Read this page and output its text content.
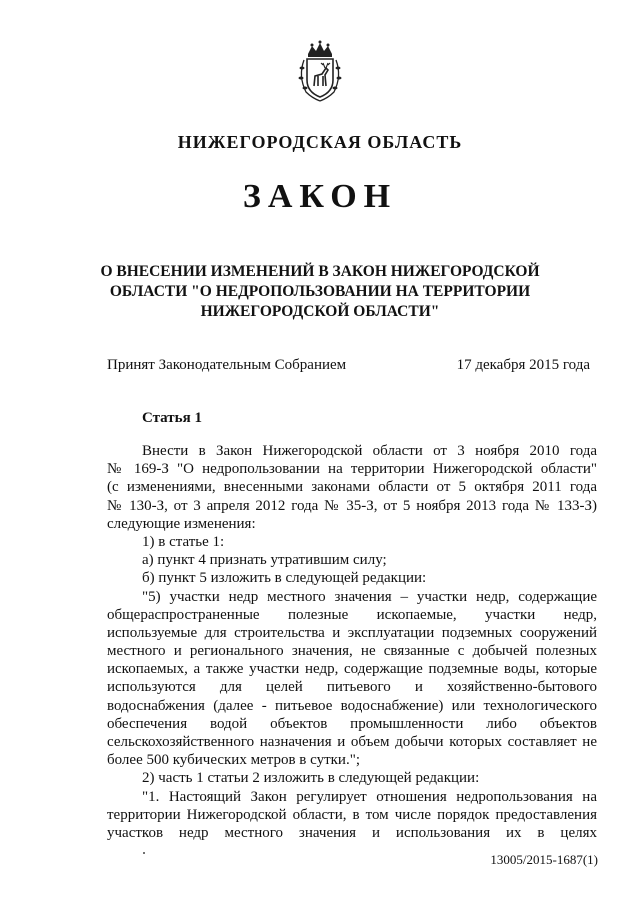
НИЖЕГОРОДСКАЯ ОБЛАСТЬ
ЗАКОН
О ВНЕСЕНИИ ИЗМЕНЕНИЙ В ЗАКОН НИЖЕГОРОДСКОЙ
ОБЛАСТИ "О НЕДРОПОЛЬЗОВАНИИ НА ТЕРРИТОРИИ
НИЖЕГОРОДСКОЙ ОБЛАСТИ"
Принят Законодательным Собранием	17 декабря 2015 года
Статья 1
Внести в Закон Нижегородской области от 3 ноября 2010 года
№ 169-З "О недропользовании на территории Нижегородской области"
(с изменениями, внесенными законами области от 5 октября 2011 года
№ 130-З, от 3 апреля 2012 года № 35-З, от 5 ноября 2013 года № 133-З)
следующие изменения:
1) в статье 1:
а) пункт 4 признать утратившим силу;
б) пункт 5 изложить в следующей редакции:
"5) участки недр местного значения – участки недр, содержащие
общераспространенные полезные ископаемые, участки недр,
используемые для строительства и эксплуатации подземных сооружений
местного и регионального значения, не связанные с добычей полезных
ископаемых, а также участки недр, содержащие подземные воды, которые
используются для целей питьевого и хозяйственно-бытового
водоснабжения (далее - питьевое водоснабжение) или технологического
обеспечения водой объектов промышленности либо объектов
сельскохозяйственного назначения и объем добычи которых составляет не
более 500 кубических метров в сутки.";
2) часть 1 статьи 2 изложить в следующей редакции:
"1. Настоящий Закон регулирует отношения недропользования на
территории Нижегородской области, в том числе порядок предоставления
участков недр местного значения и использования их в целях
13005/2015-1687(1)
